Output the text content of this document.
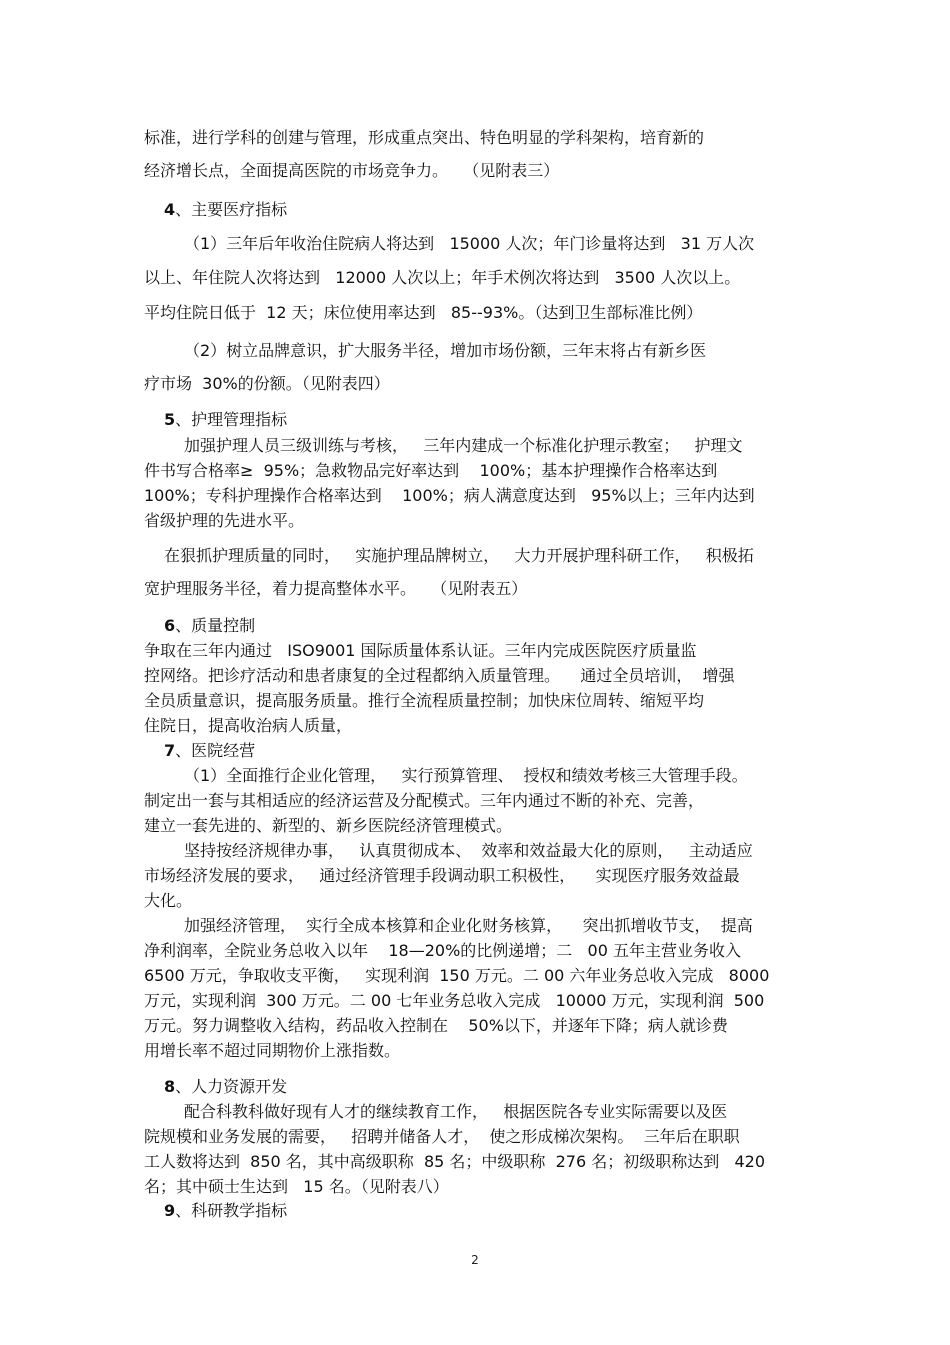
标准，进行学科的创建与管理，形成重点突出、特色明显的学科架构，培育新的

经济增长点，全面提高医院的市场竞争力。   （见附表三）

4、主要医疗指标

（1）三年后年收治住院病人将达到   15000 人次；年门诊量将达到   31 万人次

以上、年住院人次将达到   12000 人次以上；年手术例次将达到   3500 人次以上。

平均住院日低于  12 天；床位使用率达到   85--93%。（达到卫生部标准比例）

（2）树立品牌意识，扩大服务半径，增加市场份额，三年末将占有新乡医

疗市场  30%的份额。（见附表四）

5、护理管理指标

加强护理人员三级训练与考核，   三年内建成一个标准化护理示教室；   护理文

件书写合格率≥  95%；急救物品完好率达到    100%；基本护理操作合格率达到

100%；专科护理操作合格率达到    100%；病人满意度达到   95%以上；三年内达到

省级护理的先进水平。

在狠抓护理质量的同时，   实施护理品牌树立，   大力开展护理科研工作，   积极拓

宽护理服务半径，着力提高整体水平。   （见附表五）

6、质量控制

争取在三年内通过   ISO9001 国际质量体系认证。三年内完成医院医疗质量监

控网络。把诊疗活动和患者康复的全过程都纳入质量管理。    通过全员培训，  增强

全员质量意识，提高服务质量。推行全流程质量控制；加快床位周转、缩短平均

住院日，提高收治病人质量，

7、医院经营

（1）全面推行企业化管理，   实行预算管理、  授权和绩效考核三大管理手段。

制定出一套与其相适应的经济运营及分配模式。三年内通过不断的补充、完善，

建立一套先进的、新型的、新乡医院经济管理模式。

坚持按经济规律办事，   认真贯彻成本、  效率和效益最大化的原则，   主动适应

市场经济发展的要求，   通过经济管理手段调动职工积极性，    实现医疗服务效益最

大化。

加强经济管理，  实行全成本核算和企业化财务核算，    突出抓增收节支，  提高

净利润率，全院业务总收入以年    18—20%的比例递增；二   00 五年主营业务收入

6500 万元，争取收支平衡，   实现利润  150 万元。二 00 六年业务总收入完成   8000

万元，实现利润  300 万元。二 00 七年业务总收入完成   10000 万元，实现利润  500

万元。努力调整收入结构，药品收入控制在    50%以下，并逐年下降；病人就诊费

用增长率不超过同期物价上涨指数。

8、人力资源开发

配合科教科做好现有人才的继续教育工作，   根据医院各专业实际需要以及医

院规模和业务发展的需要，   招聘并储备人才，  使之形成梯次架构。  三年后在职职

工人数将达到  850 名，其中高级职称  85 名；中级职称  276 名；初级职称达到   420

名；其中硕士生达到   15 名。（见附表八）

9、科研教学指标

2
